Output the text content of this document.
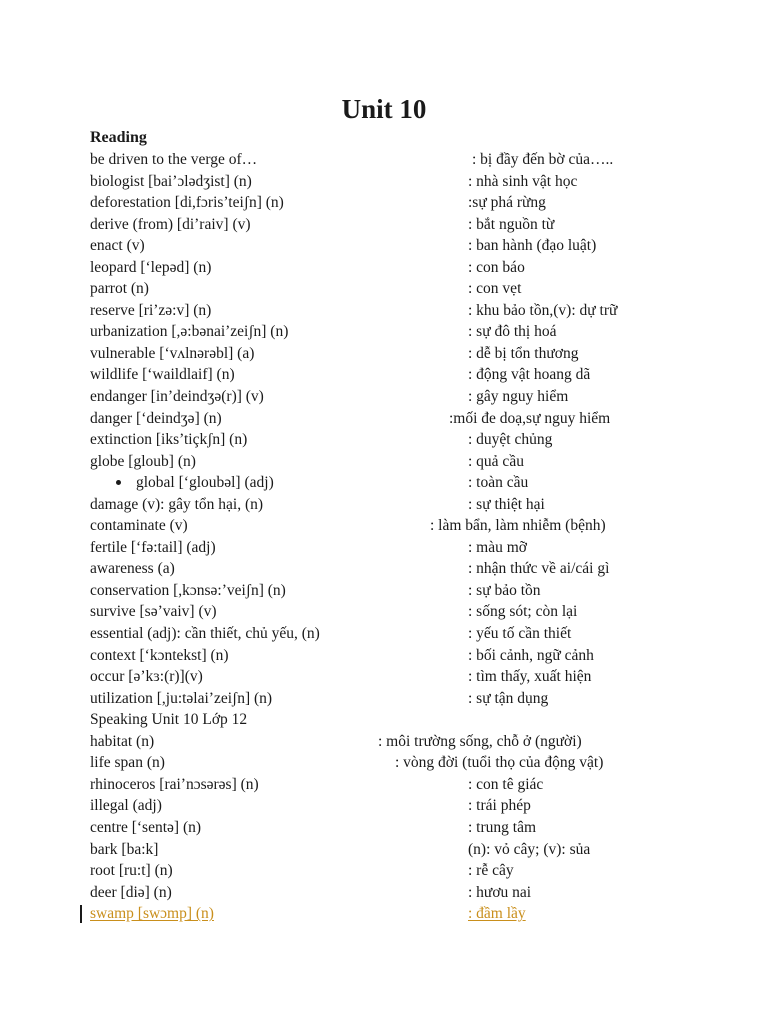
Unit 10
Reading
be driven to the verge of…	: bị đầy đến bờ của…..
biologist [bai’ɔlədʒist] (n)	: nhà sinh vật học
deforestation [di,fɔris’teiʃn] (n)	:sự phá rừng
derive (from) [di’raiv] (v)	: bắt nguồn từ
enact (v)	: ban hành (đạo luật)
leopard [‘lepəd] (n)	: con báo
parrot (n)	: con vẹt
reserve [ri’zə:v] (n)	: khu bảo tồn,(v): dự trữ
urbanization [,ə:bənai’zeiʃn] (n)	: sự đô thị hoá
vulnerable [‘vʌlnərəbl] (a)	: dễ bị tổn thương
wildlife [‘waildlaif] (n)	: động vật hoang dã
endanger [in’deindʒə(r)] (v)	: gây nguy hiểm
danger [‘deindʒə] (n)	:mối đe doạ,sự nguy hiểm
extinction [iks’tiçkʃn] (n)	: duyệt chủng
globe [gloub] (n)	: quả cầu
global [‘gloubəl] (adj)	: toàn cầu
damage (v): gây tổn hại, (n)	: sự thiệt hại
contaminate (v)	: làm bẩn, làm nhiễm (bệnh)
fertile [‘fə:tail] (adj)	: màu mỡ
awareness (a)	: nhận thức về ai/cái gì
conservation [,kɔnsə:’veiʃn] (n)	: sự bảo tồn
survive [sə’vaiv] (v)	: sống sót; còn lại
essential (adj): cần thiết, chủ yếu, (n)	: yếu tố cần thiết
context [‘kɔntekst] (n)	: bối cảnh, ngữ cảnh
occur [ə’kɜ:(r)](v)	: tìm thấy, xuất hiện
utilization [,ju:təlai’zeiʃn] (n)	: sự tận dụng
Speaking Unit 10 Lớp 12
habitat (n)	: môi trường sống, chỗ ở (người)
life span (n)	: vòng đời (tuổi thọ của động vật)
rhinoceros [rai’nɔsərəs] (n)	: con tê giác
illegal (adj)	: trái phép
centre [‘sentə] (n)	: trung tâm
bark [ba:k]	(n): vỏ cây; (v): sủa
root [ru:t] (n)	: rễ cây
deer [diə] (n)	: hươu nai
swamp [swɔmp] (n)	: đầm lầy
